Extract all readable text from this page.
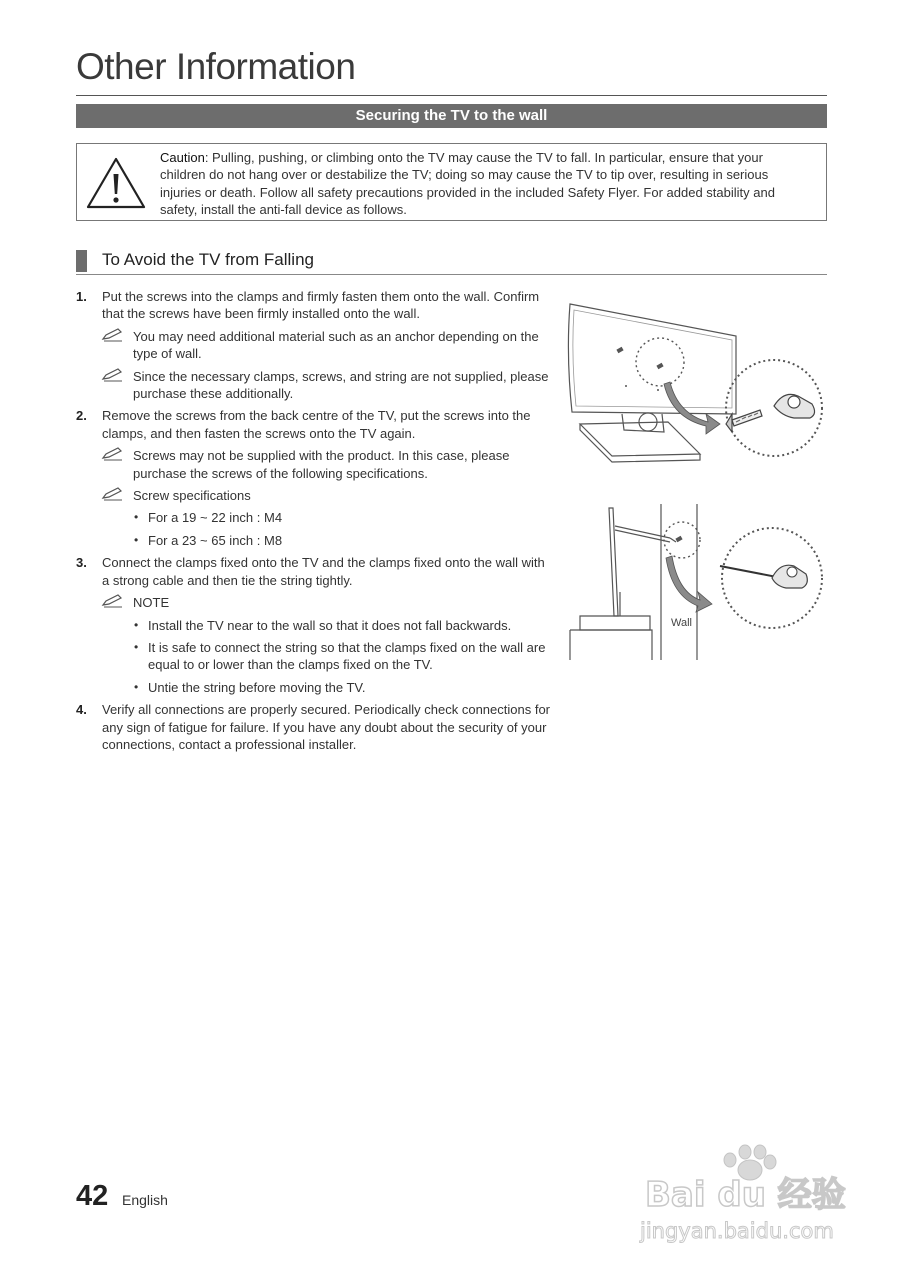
Other Information
Securing the TV to the wall
Caution: Pulling, pushing, or climbing onto the TV may cause the TV to fall. In particular, ensure that your children do not hang over or destabilize the TV; doing so may cause the TV to tip over, resulting in serious injuries or death. Follow all safety precautions provided in the included Safety Flyer. For added stability and safety, install the anti-fall device as follows.
To Avoid the TV from Falling
1. Put the screws into the clamps and firmly fasten them onto the wall. Confirm that the screws have been firmly installed onto the wall.
You may need additional material such as an anchor depending on the type of wall.
Since the necessary clamps, screws, and string are not supplied, please purchase these additionally.
2. Remove the screws from the back centre of the TV, put the screws into the clamps, and then fasten the screws onto the TV again.
Screws may not be supplied with the product. In this case, please purchase the screws of the following specifications.
Screw specifications
• For a 19 ~ 22 inch : M4
• For a 23 ~ 65 inch : M8
3. Connect the clamps fixed onto the TV and the clamps fixed onto the wall with a strong cable and then tie the string tightly.
NOTE
• Install the TV near to the wall so that it does not fall backwards.
• It is safe to connect the string so that the clamps fixed on the wall are equal to or lower than the clamps fixed on the TV.
• Untie the string before moving the TV.
4. Verify all connections are properly secured. Periodically check connections for any sign of fatigue for failure. If you have any doubt about the security of your connections, contact a professional installer.
Wall
42 English	Bai du 经验
jingyan.baidu.com
